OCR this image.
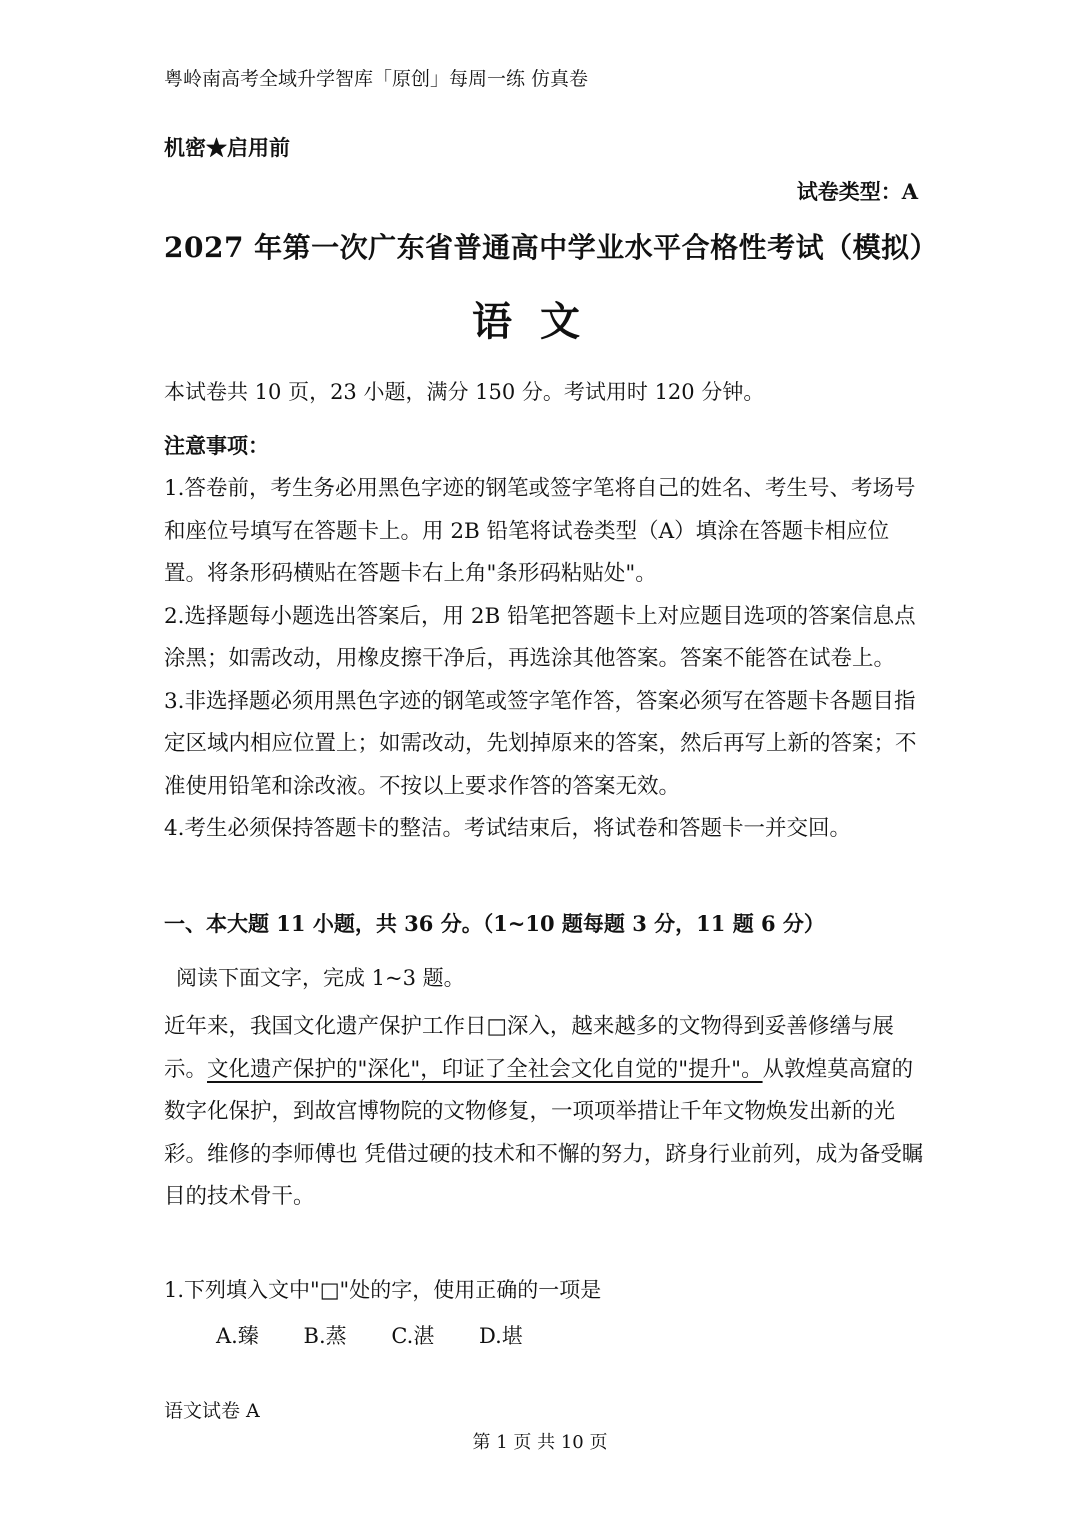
粤岭南高考全域升学智库「原创」每周一练 仿真卷
机密★启用前
试卷类型：A
2027 年第一次广东省普通高中学业水平合格性考试（模拟）
语文
本试卷共 10 页，23 小题，满分 150 分。考试用时 120 分钟。
注意事项：

1.答卷前，考生务必用黑色字迹的钢笔或签字笔将自己的姓名、考生号、考场号和座位号填写在答题卡上。用 2B 铅笔将试卷类型（A）填涂在答题卡相应位置。将条形码横贴在答题卡右上角"条形码粘贴处"。

2.选择题每小题选出答案后，用 2B 铅笔把答题卡上对应题目选项的答案信息点涂黑；如需改动，用橡皮擦干净后，再选涂其他答案。答案不能答在试卷上。

3.非选择题必须用黑色字迹的钢笔或签字笔作答，答案必须写在答题卡各题目指定区域内相应位置上；如需改动，先划掉原来的答案，然后再写上新的答案；不准使用铅笔和涂改液。不按以上要求作答的答案无效。

4.考生必须保持答题卡的整洁。考试结束后，将试卷和答题卡一并交回。

一、本大题 11 小题，共 36 分。（1~10 题每题 3 分，11 题 6 分）
阅读下面文字，完成 1~3 题。

近年来，我国文化遗产保护工作日□深入，越来越多的文物得到妥善修缮与展示。文化遗产保护的"深化"，印证了全社会文化自觉的"提升"。从敦煌莫高窟的数字化保护，到故宫博物院的文物修复，一项项举措让千年文物焕发出新的光彩。维修的李师傅也 凭借过硬的技术和不懈的努力，跻身行业前列，成为备受瞩目的技术骨干。

1.下列填入文中"□"处的字，使用正确的一项是
A.臻 B.蒸 C.湛 D.堪
语文试卷 A
第 1 页 共 10 页
